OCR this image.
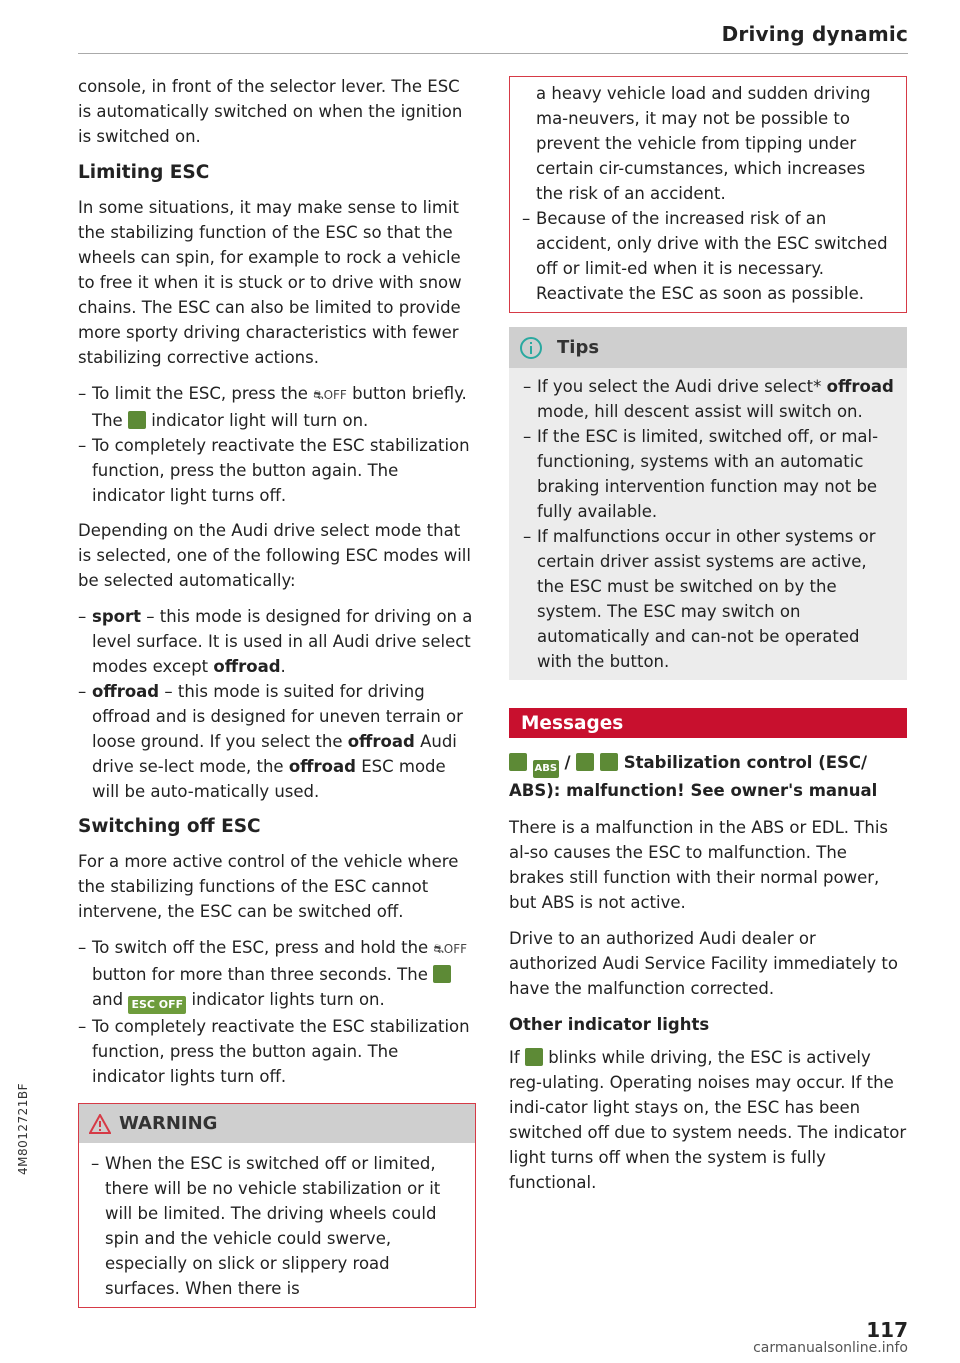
Driving dynamic

console, in front of the selector lever. The ESC is automatically switched on when the ignition is switched on.

Limiting ESC

In some situations, it may make sense to limit the stabilizing function of the ESC so that the wheels can spin, for example to rock a vehicle to free it when it is stuck or to drive with snow chains. The ESC can also be limited to provide more sporty driving characteristics with fewer stabilizing corrective actions.

– To limit the ESC, press the ⛐OFF button briefly. The indicator light will turn on.
– To completely reactivate the ESC stabilization function, press the button again. The indicator light turns off.

Depending on the Audi drive select mode that is selected, one of the following ESC modes will be selected automatically:

– sport – this mode is designed for driving on a level surface. It is used in all Audi drive select modes except offroad.
– offroad – this mode is suited for driving offroad and is designed for uneven terrain or loose ground. If you select the offroad Audi drive se-lect mode, the offroad ESC mode will be auto-matically used.
Switching off ESC

For a more active control of the vehicle where the stabilizing functions of the ESC cannot intervene, the ESC can be switched off.

– To switch off the ESC, press and hold the ⛐OFF button for more than three seconds. The  and ESC OFF indicator lights turn on.
– To completely reactivate the ESC stabilization function, press the button again. The indicator lights turn off.
WARNING
– When the ESC is switched off or limited, there will be no vehicle stabilization or it will be limited. The driving wheels could spin and the vehicle could swerve, especially on slick or slippery road surfaces. When there is
a heavy vehicle load and sudden driving ma-neuvers, it may not be possible to prevent the vehicle from tipping under certain cir-cumstances, which increases the risk of an accident.
– Because of the increased risk of an accident, only drive with the ESC switched off or limit-ed when it is necessary. Reactivate the ESC as soon as possible.
Tips
– If you select the Audi drive select* offroad mode, hill descent assist will switch on.
– If the ESC is limited, switched off, or mal-functioning, systems with an automatic braking intervention function may not be fully available.
– If malfunctions occur in other systems or certain driver assist systems are active, the ESC must be switched on by the system. The ESC may switch on automatically and can-not be operated with the button.
Messages
ABS /	Stabilization control (ESC/ ABS): malfunction! See owner's manual

There is a malfunction in the ABS or EDL. This al-so causes the ESC to malfunction. The brakes still function with their normal power, but ABS is not active.

Drive to an authorized Audi dealer or authorized Audi Service Facility immediately to have the malfunction corrected.

Other indicator lights

If blinks while driving, the ESC is actively reg-ulating. Operating noises may occur. If the indi-cator light stays on, the ESC has been switched off due to system needs. The indicator light turns off when the system is fully functional.

4M8012721BF
117
carmanualsonline.info
